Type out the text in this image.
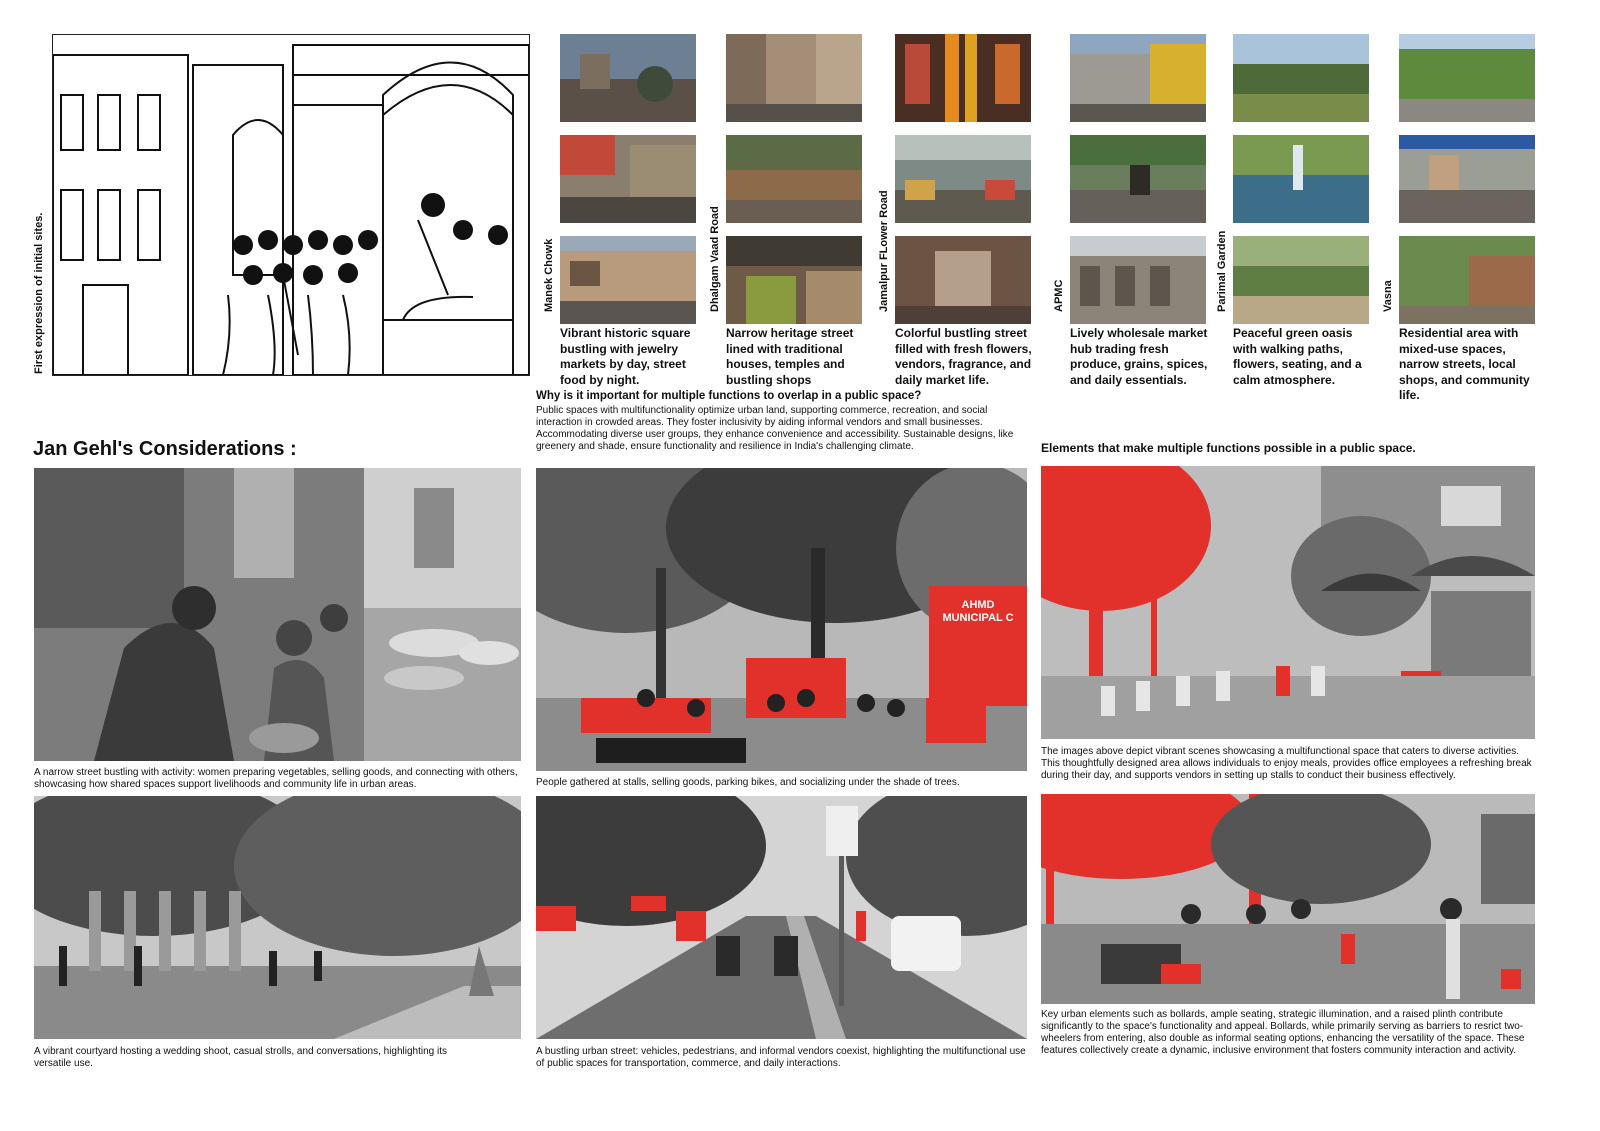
First expression of initial sites.	Manek Chowk
Vibrant historic square bustling with jewelry markets by day, street food by night.
Dhalgam Vaad Road
Narrow heritage street lined with traditional houses, temples and bustling shops
Jamalpur FLower Road
Colorful bustling street filled with fresh flowers, vendors, fragrance, and daily market life.
APMC
Lively wholesale market hub trading fresh produce, grains, spices, and daily essentials.
Parimal Garden
Peaceful green oasis with walking paths, flowers, seating, and a calm atmosphere.
Vasna
Residential area with mixed-use spaces, narrow streets, local shops, and community life.
Why is it important for multiple functions to overlap in a public space?
Public spaces with multifunctionality optimize urban land, supporting commerce, recreation, and social interaction in crowded areas. They foster inclusivity by aiding informal vendors and small businesses. Accommodating diverse user groups, they enhance convenience and accessibility. Sustainable designs, like greenery and shade, ensure functionality and resilience in India's challenging climate.
Jan Gehl's Considerations :	Elements that make multiple functions possible in a public space.
A narrow street bustling with activity: women preparing vegetables, selling goods, and connecting with others, showcasing how shared spaces support livelihoods and community life in urban areas.
AHMD MUNICIPAL C
People gathered at stalls, selling goods, parking bikes, and socializing under the shade of trees.
The images above depict vibrant scenes showcasing a multifunctional space that caters to diverse activities. This thoughtfully designed area allows individuals to enjoy meals, provides office employees a refreshing break during their day, and supports vendors in setting up stalls to conduct their business effectively.
A vibrant courtyard hosting a wedding shoot, casual strolls, and conversations, highlighting its versatile use.
A bustling urban street: vehicles, pedestrians, and informal vendors coexist, highlighting the multifunctional use of public spaces for transportation, commerce, and daily interactions.
Key urban elements such as bollards, ample seating, strategic illumination, and a raised plinth contribute significantly to the space's functionality and appeal. Bollards, while primarily serving as barriers to resrict two-wheelers from entering, also double as informal seating options, enhancing the versatility of the space. These features collectively create a dynamic, inclusive environment that fosters community interaction and activity.
